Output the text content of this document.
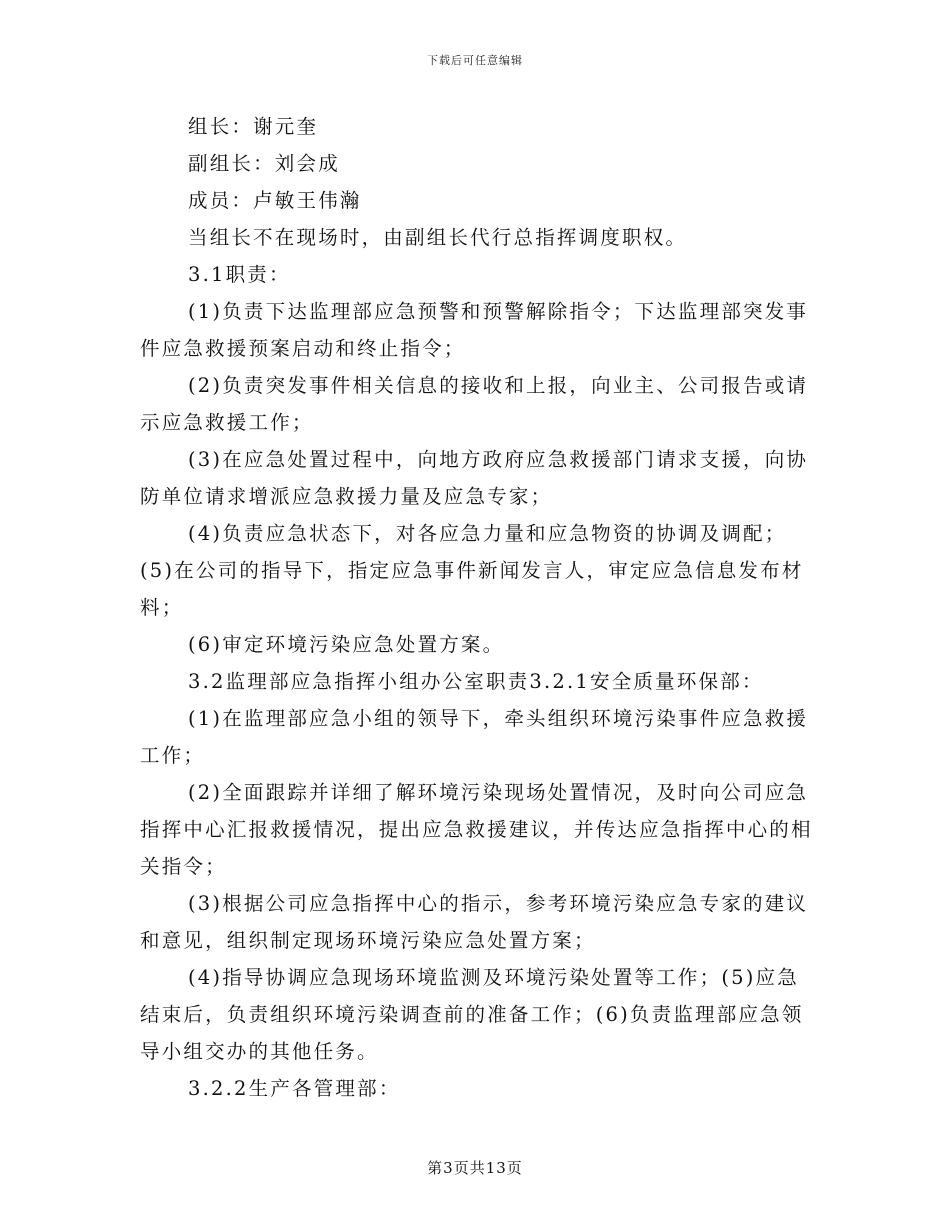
下载后可任意编辑

组长：谢元奎

副组长：刘会成

成员：卢敏王伟瀚

当组长不在现场时，由副组长代行总指挥调度职权。

3.1职责：

(1)负责下达监理部应急预警和预警解除指令；下达监理部突发事件应急救援预案启动和终止指令；

(2)负责突发事件相关信息的接收和上报，向业主、公司报告或请示应急救援工作；

(3)在应急处置过程中，向地方政府应急救援部门请求支援，向协防单位请求增派应急救援力量及应急专家；

(4)负责应急状态下，对各应急力量和应急物资的协调及调配；

(5)在公司的指导下，指定应急事件新闻发言人，审定应急信息发布材料；

(6)审定环境污染应急处置方案。

3.2监理部应急指挥小组办公室职责3.2.1安全质量环保部：

(1)在监理部应急小组的领导下，牵头组织环境污染事件应急救援工作；

(2)全面跟踪并详细了解环境污染现场处置情况，及时向公司应急指挥中心汇报救援情况，提出应急救援建议，并传达应急指挥中心的相关指令；

(3)根据公司应急指挥中心的指示，参考环境污染应急专家的建议和意见，组织制定现场环境污染应急处置方案；

(4)指导协调应急现场环境监测及环境污染处置等工作；(5)应急结束后，负责组织环境污染调查前的准备工作；(6)负责监理部应急领导小组交办的其他任务。

3.2.2生产各管理部：

第3页共13页
